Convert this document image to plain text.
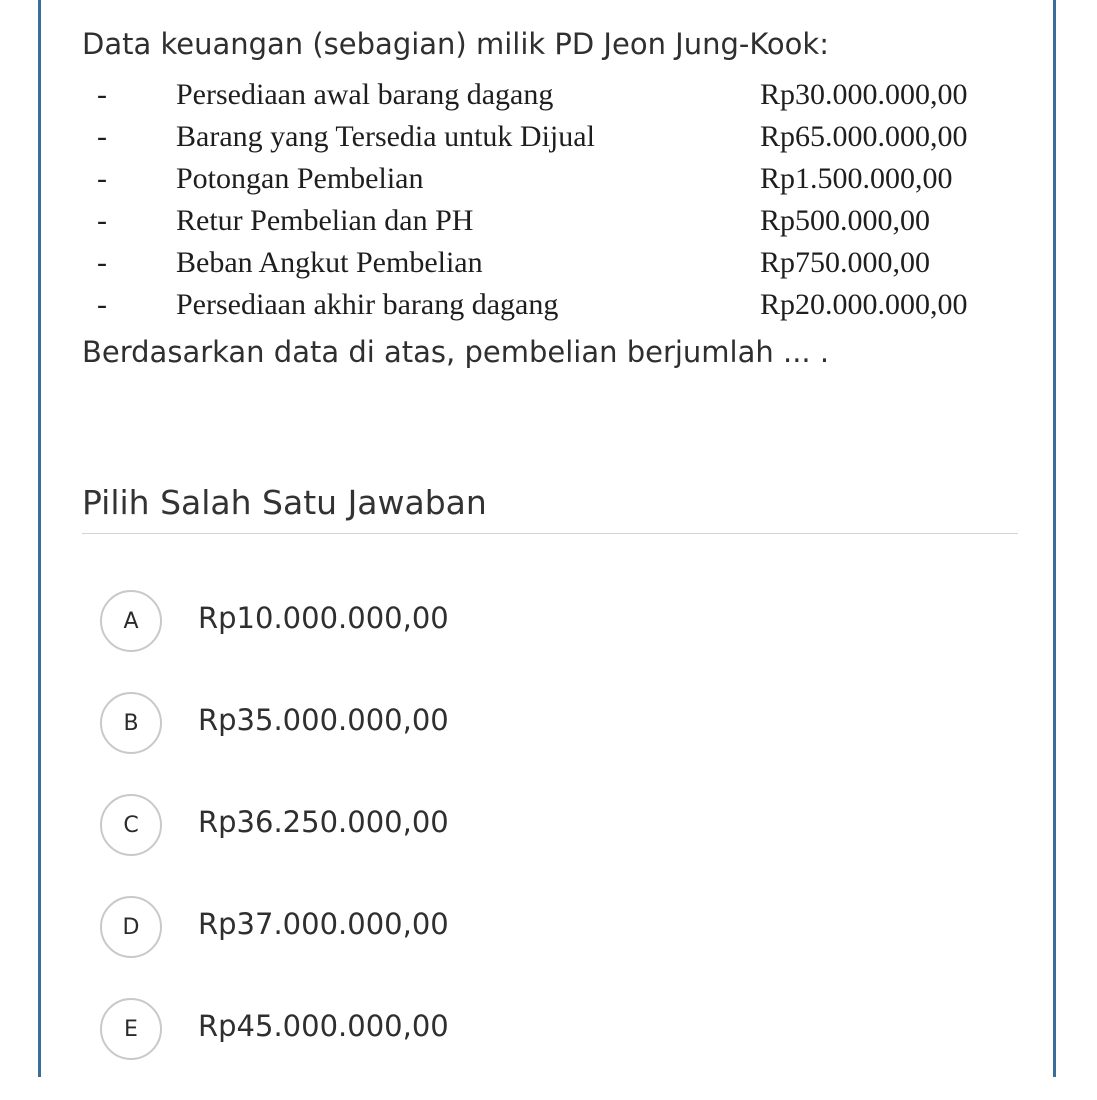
Data keuangan (sebagian) milik PD Jeon Jung-Kook:
- Persediaan awal barang dagang	Rp30.000.000,00
- Barang yang Tersedia untuk Dijual	Rp65.000.000,00
- Potongan Pembelian	Rp1.500.000,00
- Retur Pembelian dan PH	Rp500.000,00
- Beban Angkut Pembelian	Rp750.000,00
- Persediaan akhir barang dagang	Rp20.000.000,00
Berdasarkan data di atas, pembelian berjumlah ... .
Pilih Salah Satu Jawaban
A	Rp10.000.000,00
B	Rp35.000.000,00
C	Rp36.250.000,00
D	Rp37.000.000,00
E	Rp45.000.000,00
